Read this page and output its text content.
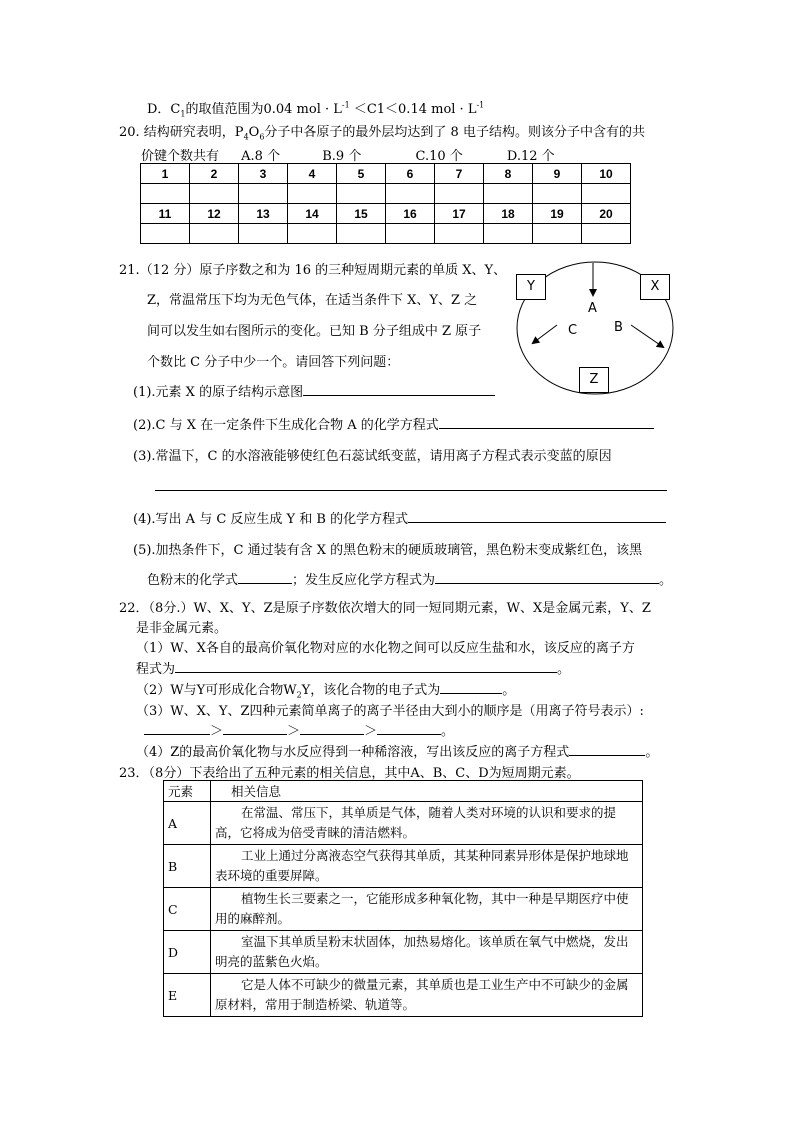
D．$C_1$的取值范围为0.04 mol · $L^{-1} <C1<0.14$ mol · $L^{-1}$
20. 结构研究表明，$P_4O_6$分子中各原子的最外层均达到了 8 电子结构。则该分子中含有的共
价键个数共有 A.8 个	B.9 个	C.10 个	D.12 个
1	2	3	4	5	6	7	8	9	10

11	12	13	14	15	16	17	18	19	20

21.（12 分）原子序数之和为 16 的三种短周期元素的单质 X、Y、
Z，常温常压下均为无色气体，在适当条件下 X、Y、Z 之
间可以发生如右图所示的变化。已知 B 分子组成中 Z 原子
个数比 C 分子中少一个。请回答下列问题：
Y	X
Z
A
C	B
(1).元素 X 的原子结构示意图
(2).C 与 X 在一定条件下生成化合物 A 的化学方程式
(3).常温下，C 的水溶液能够使红色石蕊试纸变蓝，请用离子方程式表示变蓝的原因
(4).写出 A 与 C 反应生成 Y 和 B 的化学方程式
(5).加热条件下，C 通过装有含 X 的黑色粉末的硬质玻璃管，黑色粉末变成紫红色，该黑
色粉末的化学式	；发生反应化学方程式为	。
22．（8分.）W、X、Y、Z是原子序数依次增大的同一短同期元素，W、X是金属元素，Y、Z
是非金属元素。
（1）W、X各自的最高价氧化物对应的水化物之间可以反应生盐和水，该反应的离子方
程式为	。
（2）W与Y可形成化合物$W_2Y$，该化合物的电子式为	。
（3）W、X、Y、Z四种元素简单离子的离子半径由大到小的顺序是（用离子符号表示）:
＞	＞	＞	。
（4）Z的最高价氧化物与水反应得到一种稀溶液，写出该反应的离子方程式	。
23．（8分）下表给出了五种元素的相关信息，其中A、B、C、D为短周期元素。
元素	相关信息
A	在常温、常压下，其单质是气体，随着人类对环境的认识和要求的提高，它将成为倍受青睐的清洁燃料。
B	工业上通过分离液态空气获得其单质，其某种同素异形体是保护地球地表环境的重要屏障。
C	植物生长三要素之一，它能形成多种氧化物，其中一种是早期医疗中使用的麻醉剂。
D	室温下其单质呈粉末状固体，加热易熔化。该单质在氧气中燃烧，发出明亮的蓝紫色火焰。
E	它是人体不可缺少的微量元素，其单质也是工业生产中不可缺少的金属原材料，常用于制造桥梁、轨道等。
